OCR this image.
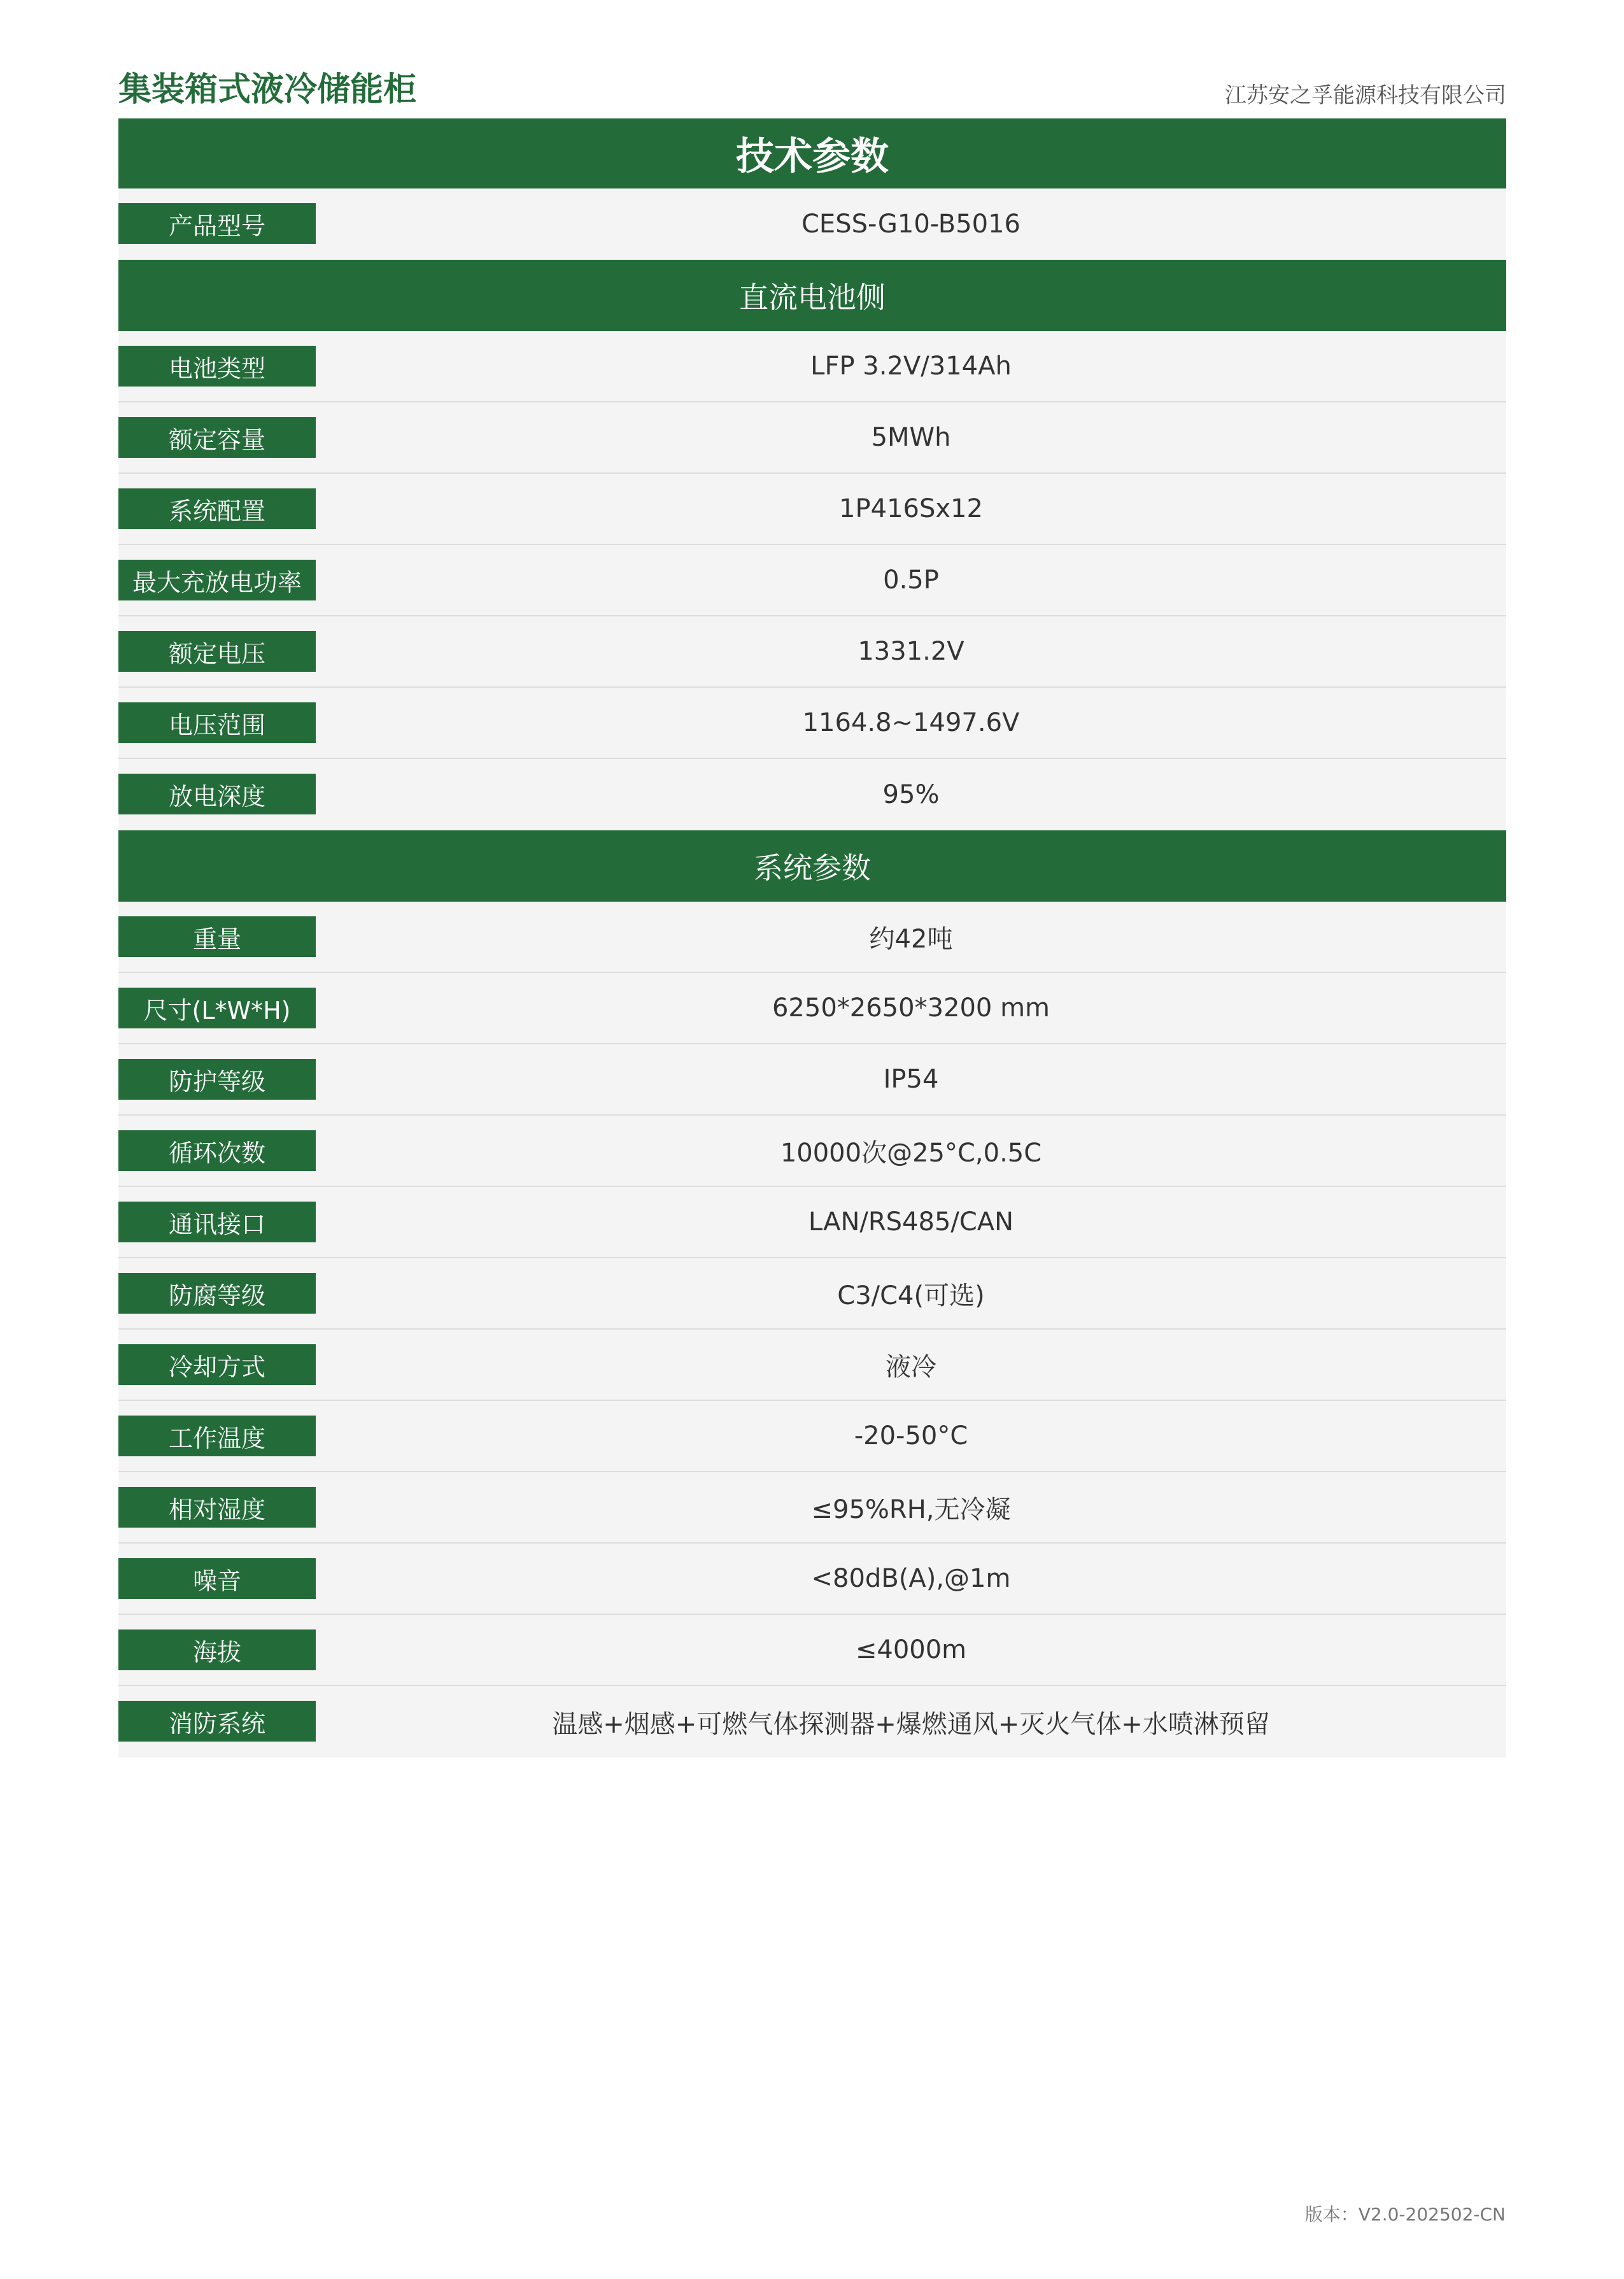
集装箱式液冷储能柜	江苏安之孚能源科技有限公司
技术参数
产品型号	CESS-G10-B5016
直流电池侧
电池类型	LFP 3.2V/314Ah
额定容量	5MWh
系统配置	1P416Sx12
最大充放电功率	0.5P
额定电压	1331.2V
电压范围	1164.8~1497.6V
放电深度	95%
系统参数
重量	约42吨
尺寸(L*W*H)	6250*2650*3200 mm
防护等级	IP54
循环次数	10000次@25°C,0.5C
通讯接口	LAN/RS485/CAN
防腐等级	C3/C4(可选)
冷却方式	液冷
工作温度	-20-50°C
相对湿度	≤95%RH,无冷凝
噪音	<80dB(A),@1m
海拔	≤4000m
消防系统	温感+烟感+可燃气体探测器+爆燃通风+灭火气体+水喷淋预留
版本：V2.0-202502-CN
